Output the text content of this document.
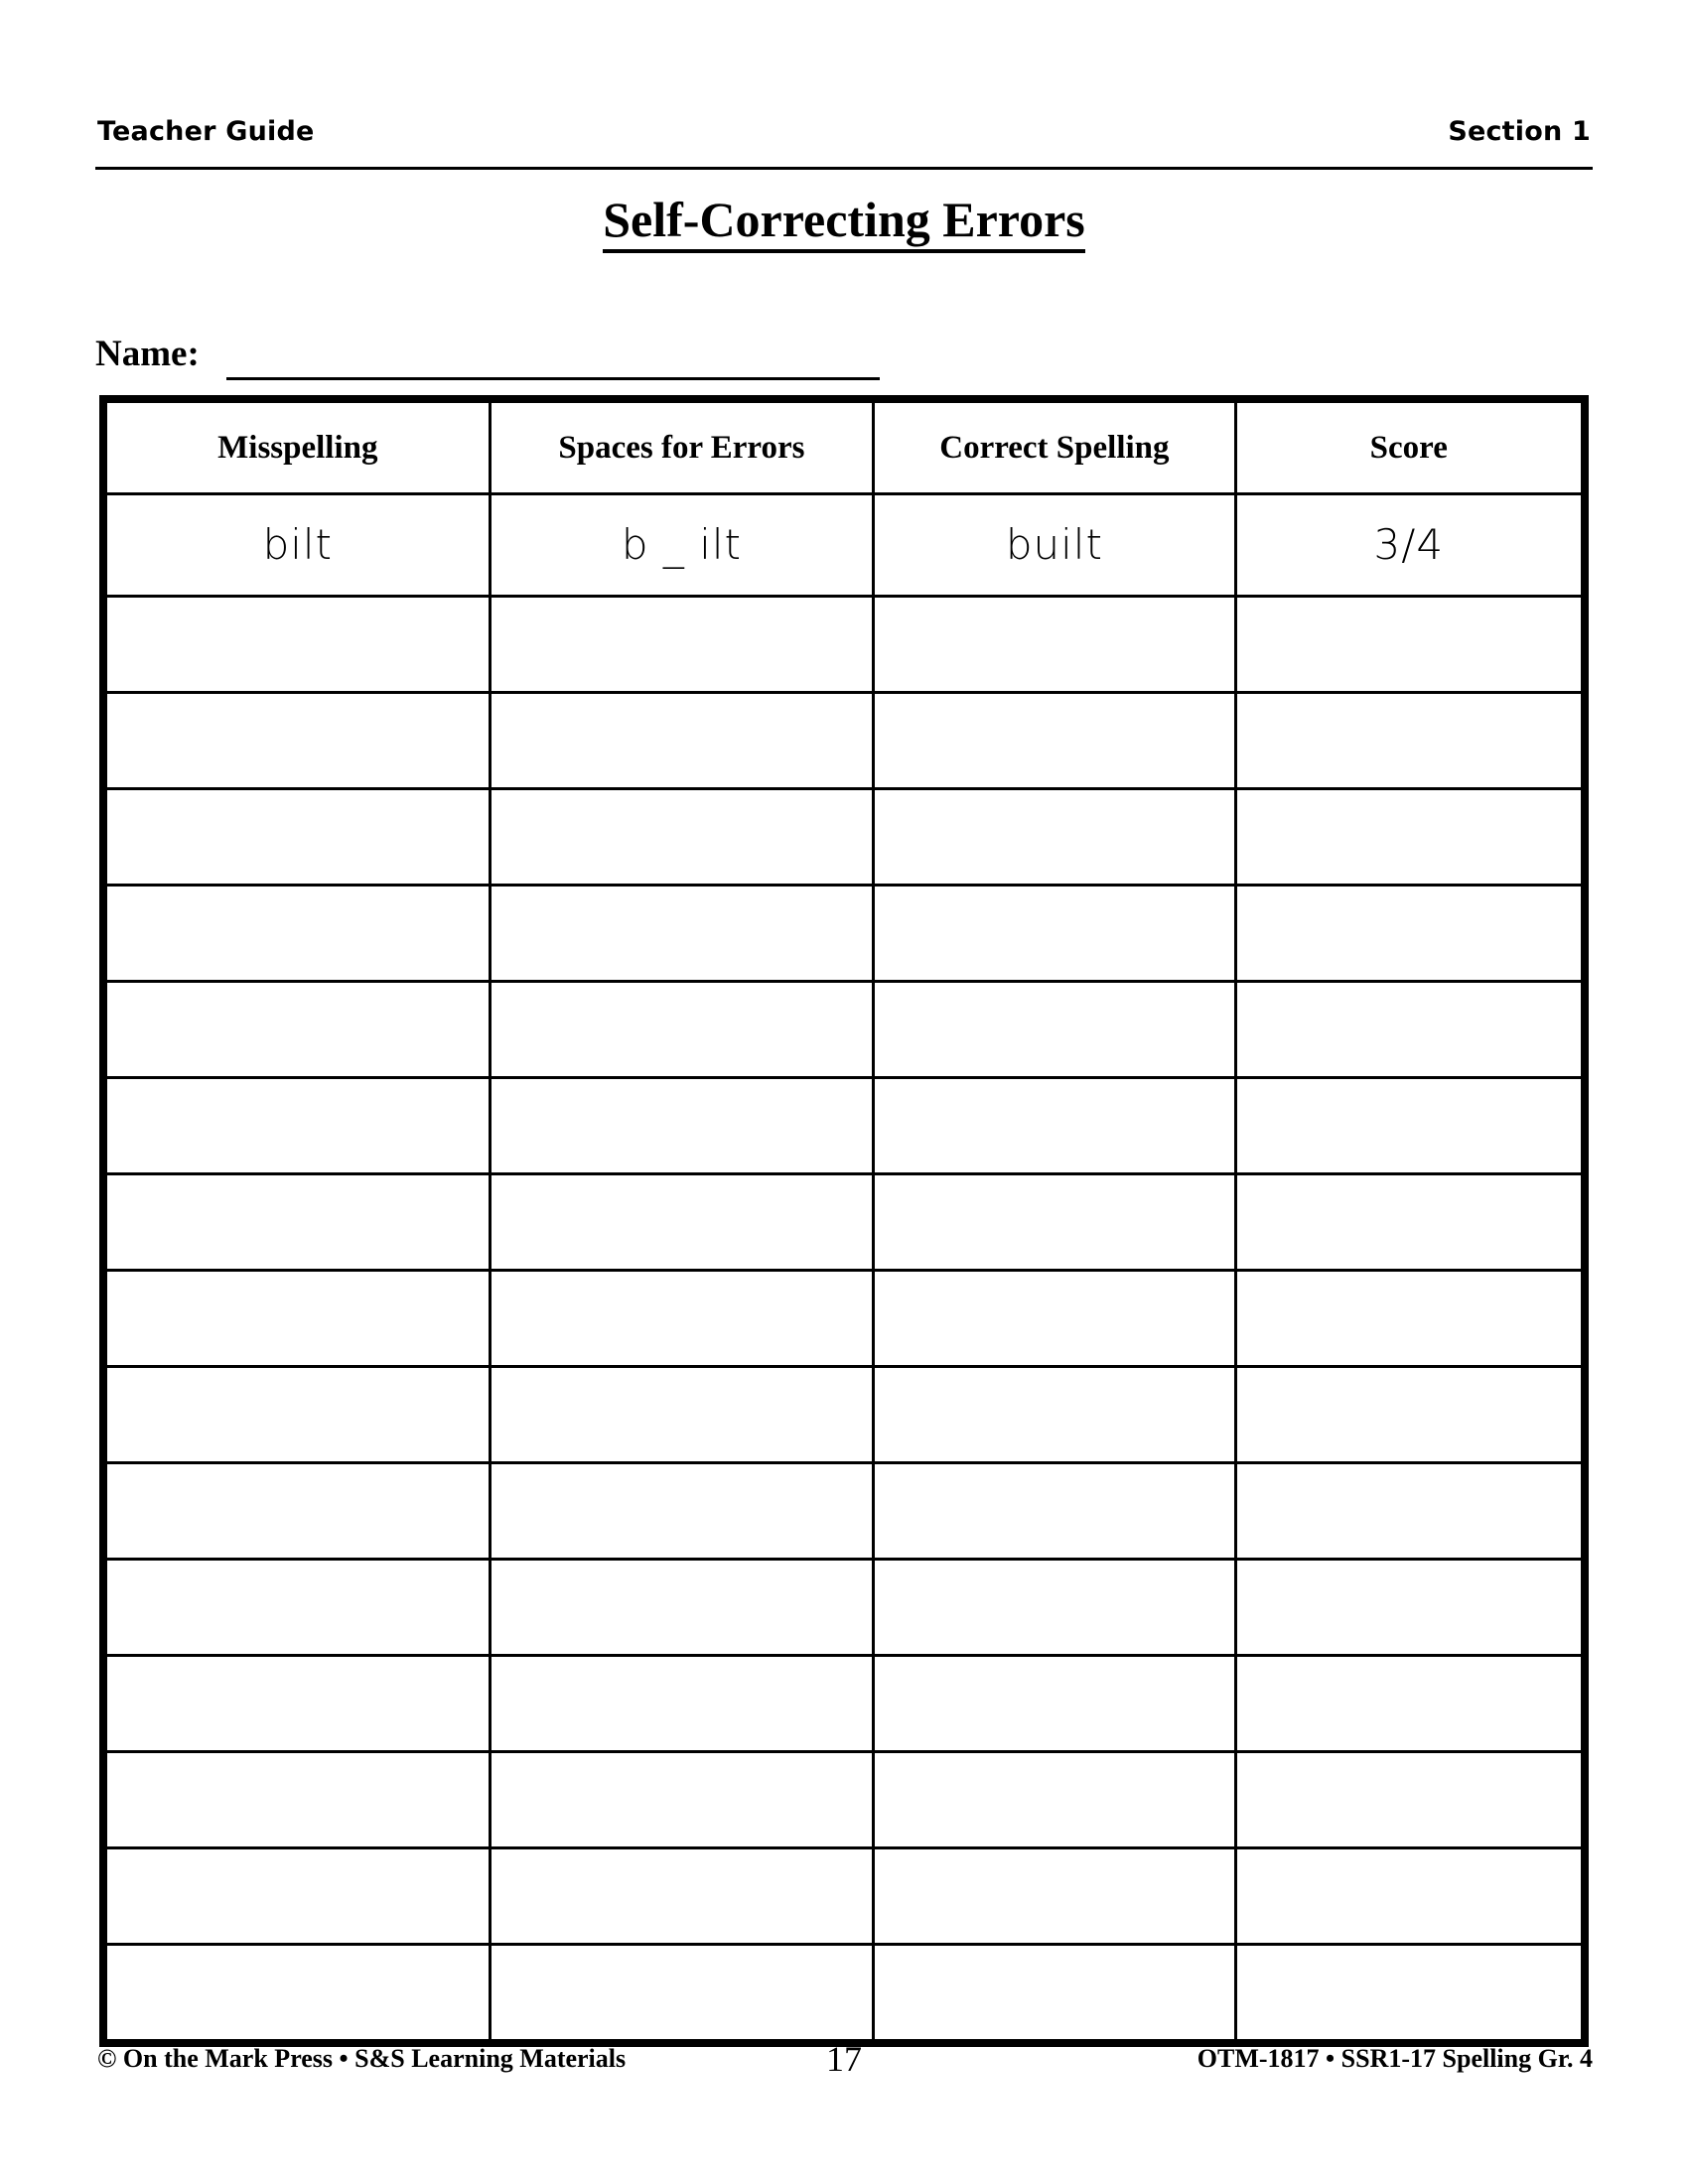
Teacher Guide	Section 1
Self-Correcting Errors
Name:
Misspelling	Spaces for Errors	Correct Spelling	Score
bilt	b _ ilt	built	3/4

© On the Mark Press • S&S Learning Materials	17	OTM-1817 • SSR1-17 Spelling Gr. 4
